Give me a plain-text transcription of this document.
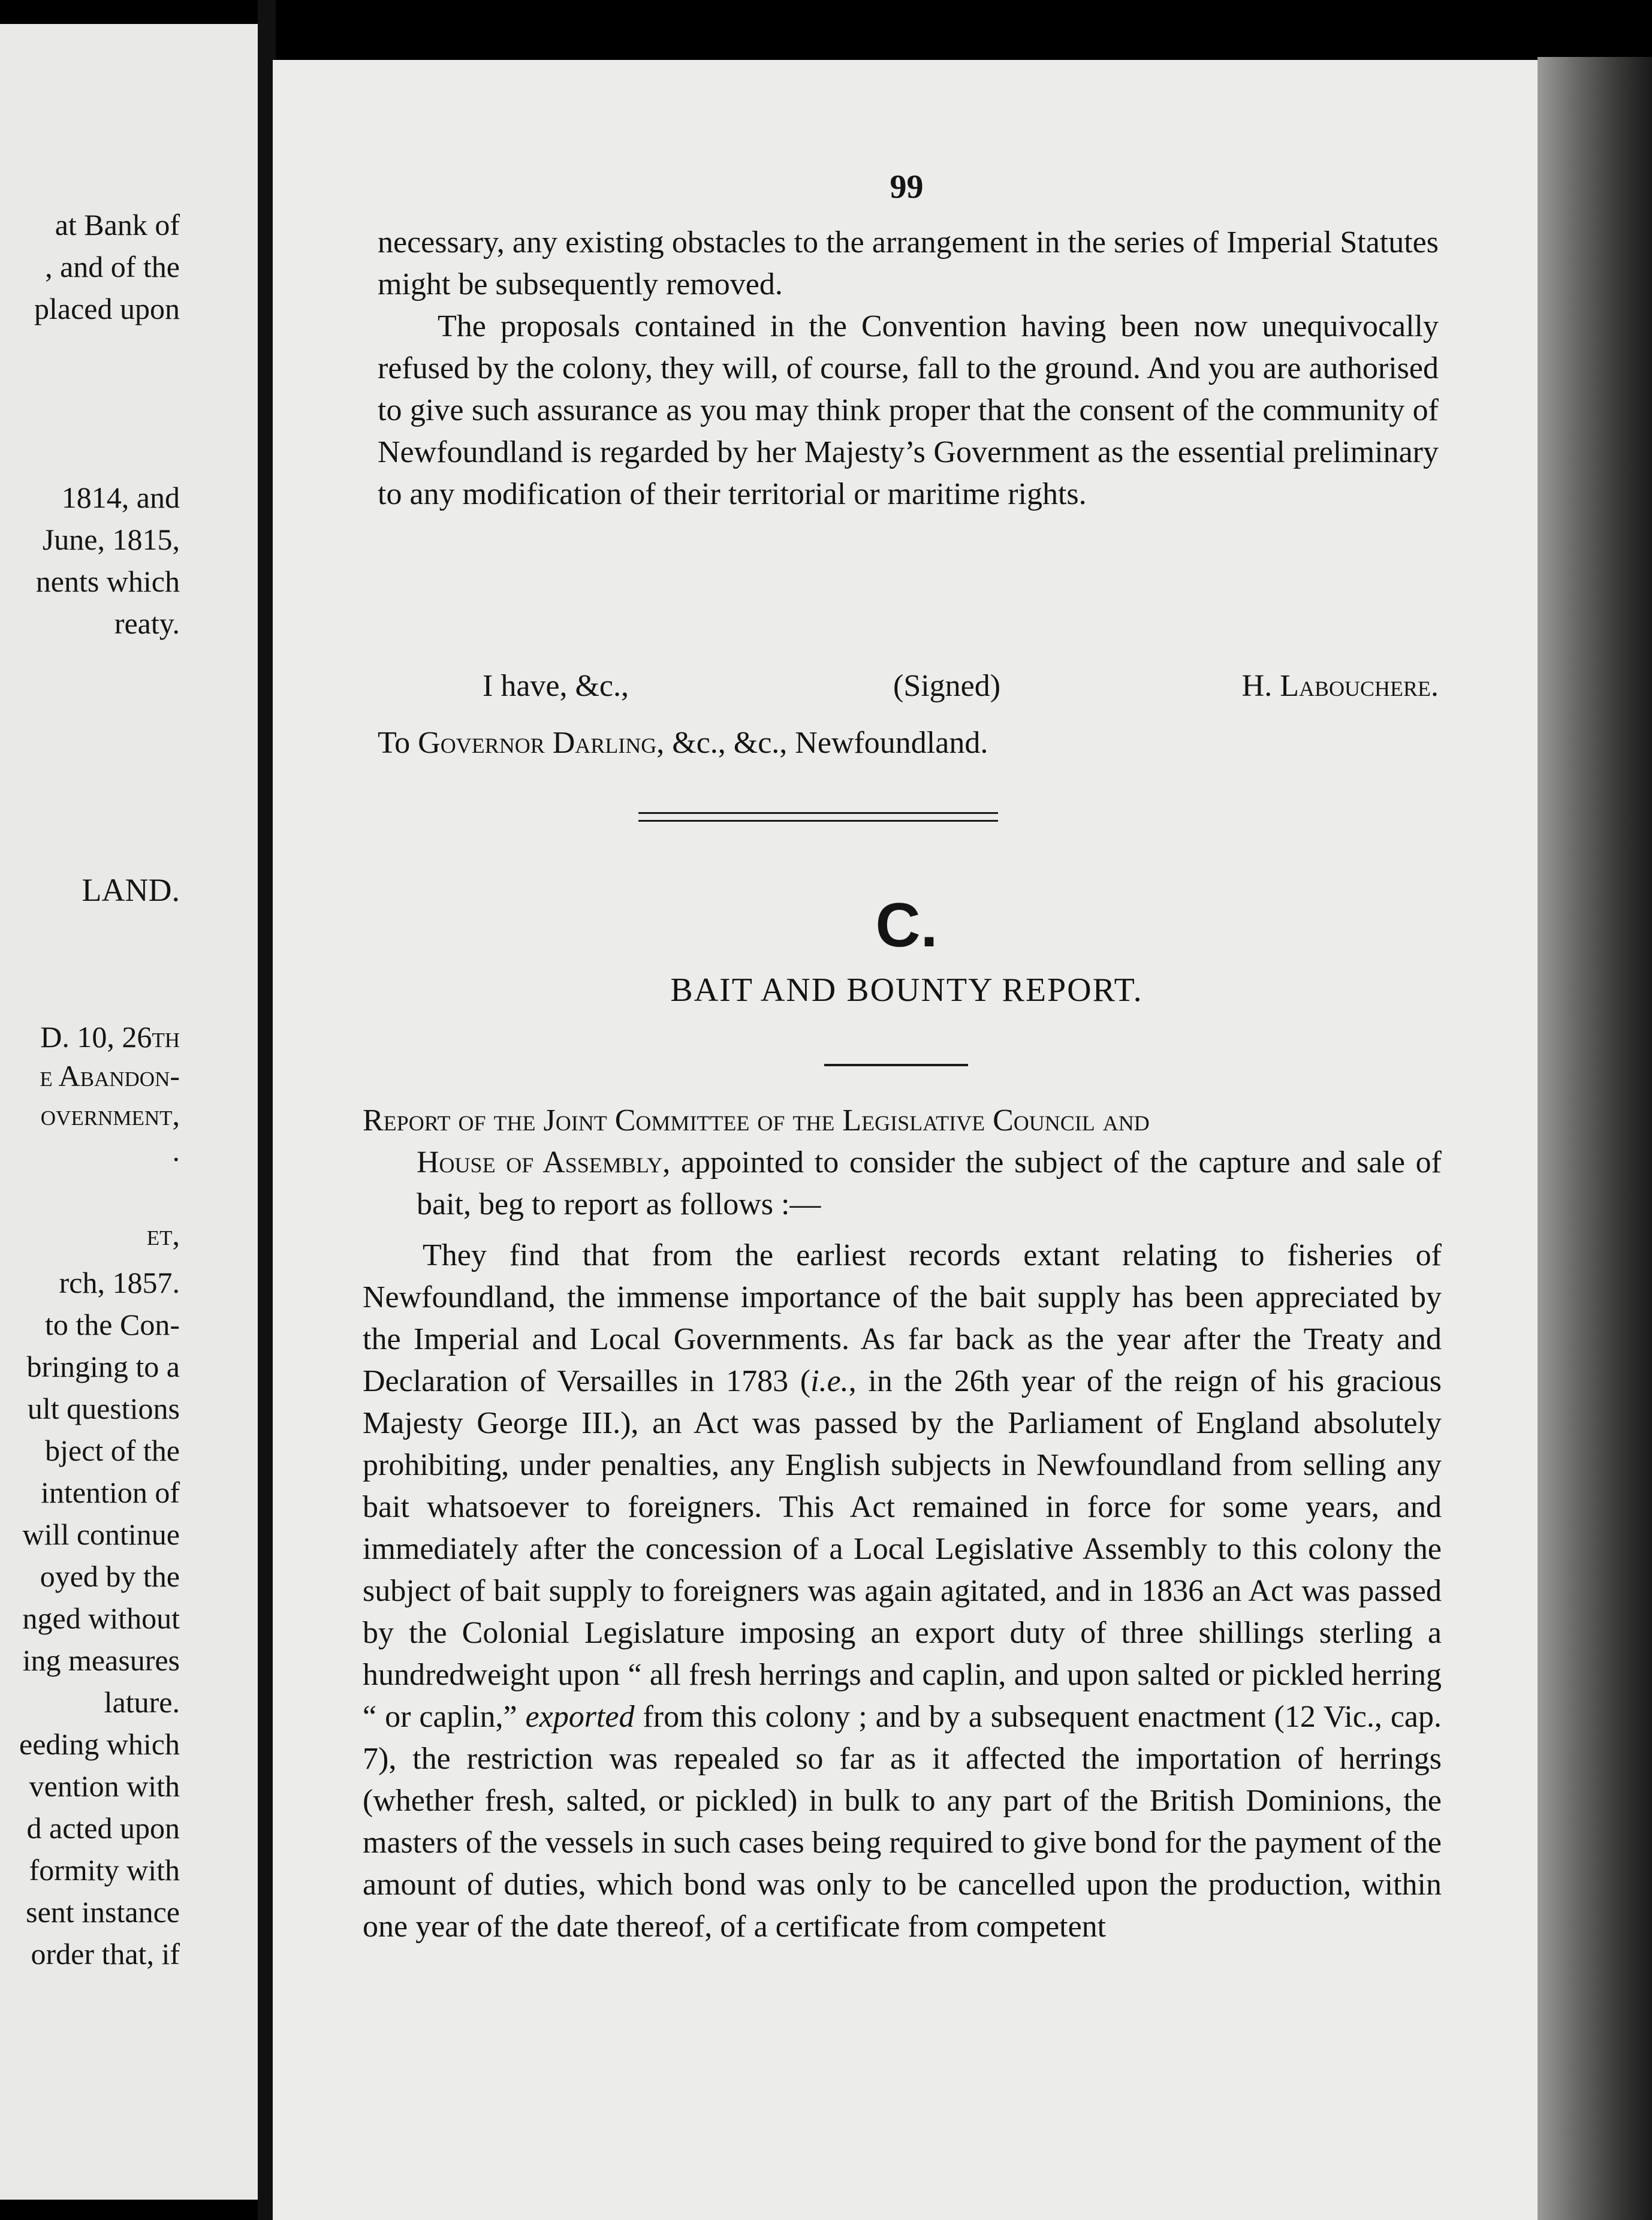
at Bank of
, and of the
placed upon
1814, and
June, 1815,
nents which
reaty.
LAND.
D. 10, 26th
e Abandon-
overnment,
.
et,
rch, 1857.
to the Con-
bringing to a
ult questions
bject of the
intention of
will continue
oyed by the
nged without
ing measures
lature.
eeding which
vention with
d acted upon
formity with
sent instance
order that, if
99

necessary, any existing obstacles to the arrangement in the series of Imperial Statutes might be subsequently removed.

The proposals contained in the Convention having been now unequivocally refused by the colony, they will, of course, fall to the ground. And you are authorised to give such assurance as you may think proper that the consent of the community of Newfoundland is regarded by her Majesty’s Government as the essential preliminary to any modification of their territorial or maritime rights.

I have, &c.,	(Signed)	H. Labouchere.
To Governor Darling, &c., &c., Newfoundland.
C.
BAIT AND BOUNTY REPORT.
Report of the Joint Committee of the Legislative Council and
House of Assembly, appointed to consider the subject of the capture and sale of bait, beg to report as follows :—

They find that from the earliest records extant relating to fisheries of Newfoundland, the immense importance of the bait supply has been appreciated by the Imperial and Local Governments. As far back as the year after the Treaty and Declaration of Versailles in 1783 (i.e., in the 26th year of the reign of his gracious Majesty George III.), an Act was passed by the Parliament of England absolutely prohibiting, under penalties, any English subjects in Newfoundland from selling any bait whatsoever to foreigners. This Act remained in force for some years, and immediately after the concession of a Local Legislative Assembly to this colony the subject of bait supply to foreigners was again agitated, and in 1836 an Act was passed by the Colonial Legislature imposing an export duty of three shillings sterling a hundredweight upon “ all fresh herrings and caplin, and upon salted or pickled herring “ or caplin,” exported from this colony ; and by a subsequent enactment (12 Vic., cap. 7), the restriction was repealed so far as it affected the importation of herrings (whether fresh, salted, or pickled) in bulk to any part of the British Dominions, the masters of the vessels in such cases being required to give bond for the payment of the amount of duties, which bond was only to be cancelled upon the production, within one year of the date thereof, of a certificate from competent
